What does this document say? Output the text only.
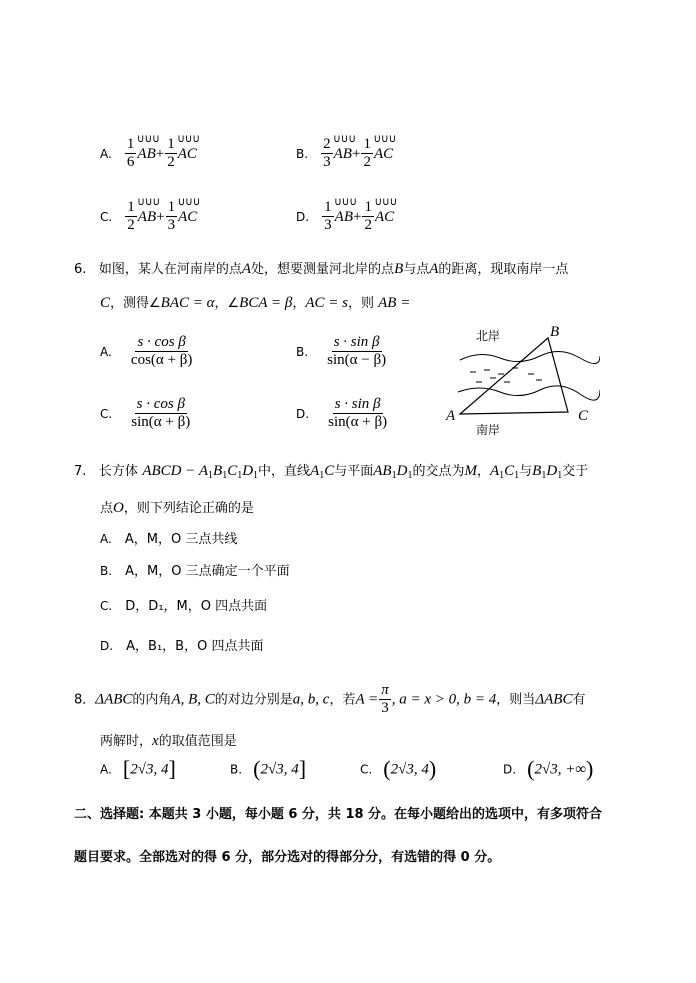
A. $\frac{1}{6}$ ᑌᑌᑌ
$AB+ \frac{1}{2}$ ᑌᑌᑌ
AC	B. $\frac{2}{3}$ ᑌᑌᑌ
$AB+ \frac{1}{2}$ ᑌᑌᑌ
AC
C. $\frac{1}{2}$ ᑌᑌᑌ
$AB+ \frac{1}{3}$ ᑌᑌᑌ
AC	D. $\frac{1}{3}$ ᑌᑌᑌ
$AB+ \frac{1}{2}$ ᑌᑌᑌ
AC
6. 如图，某人在河南岸的点A处，想要测量河北岸的点B与点A的距离，现取南岸一点
C，测得∠BAC = α，∠BCA = β，AC = s，则 AB =
A. $\frac{\text{s · cos β}}{\cos(\alpha + \beta)}$	B. $\frac{\text{s · sin β}}{\sin(\alpha - \beta)}$
C. $\frac{\text{s · cos β}}{\sin(\alpha + \beta)}$	D. $\frac{\text{s · sin β}}{\sin(\alpha + \beta)}$
北岸
南岸
A
B
C
7. 长方体 ABCD − $A_1B_1C_1D_1$中，直线$A_1C$与平面$AB_1D_1$的交点为M，$A_1C_1$与$B_1D_1$交于
点O，则下列结论正确的是
A. A，M，O 三点共线
B. A，M，O 三点确定一个平面
C. D，D₁，M，O 四点共面
D. A，B₁，B，O 四点共面
8．ΔABC的内角A, B, C的对边分别是a, b, c，若$A = \frac{\pi}{3}$ , a = x > 0, b = 4，则当ΔABC有
两解时，x的取值范围是
A. [2√3, 4]	B. (2√3, 4]	C. (2√3, 4)	D. (2√3, +∞)
二、选择题: 本题共 3 小题，每小题 6 分，共 18 分。在每小题给出的选项中，有多项符合
题目要求。全部选对的得 6 分，部分选对的得部分分，有选错的得 0 分。
